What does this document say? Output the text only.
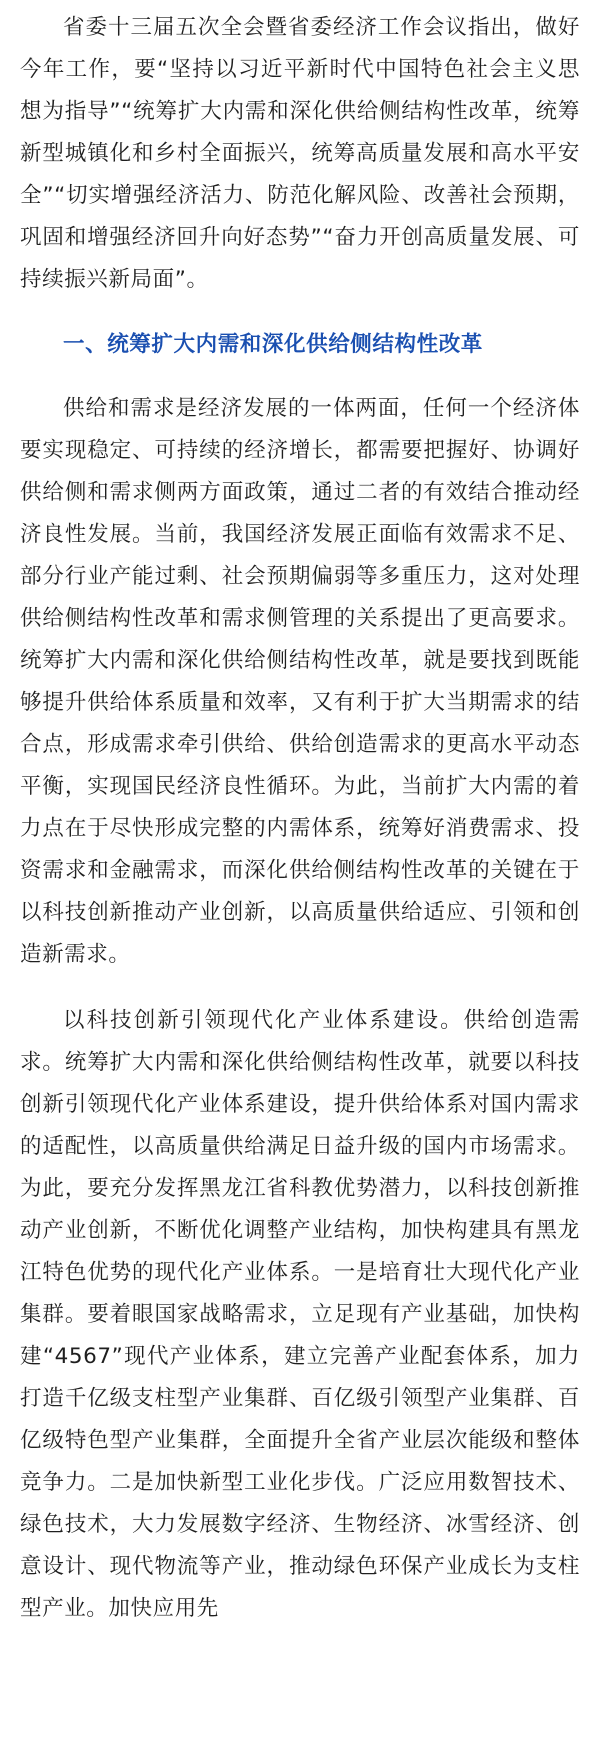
省委十三届五次全会暨省委经济工作会议指出，做好今年工作，要“坚持以习近平新时代中国特色社会主义思想为指导”“统筹扩大内需和深化供给侧结构性改革，统筹新型城镇化和乡村全面振兴，统筹高质量发展和高水平安全”“切实增强经济活力、防范化解风险、改善社会预期，巩固和增强经济回升向好态势”“奋力开创高质量发展、可持续振兴新局面”。

一、统筹扩大内需和深化供给侧结构性改革

供给和需求是经济发展的一体两面，任何一个经济体要实现稳定、可持续的经济增长，都需要把握好、协调好供给侧和需求侧两方面政策，通过二者的有效结合推动经济良性发展。当前，我国经济发展正面临有效需求不足、部分行业产能过剩、社会预期偏弱等多重压力，这对处理供给侧结构性改革和需求侧管理的关系提出了更高要求。统筹扩大内需和深化供给侧结构性改革，就是要找到既能够提升供给体系质量和效率，又有利于扩大当期需求的结合点，形成需求牵引供给、供给创造需求的更高水平动态平衡，实现国民经济良性循环。为此，当前扩大内需的着力点在于尽快形成完整的内需体系，统筹好消费需求、投资需求和金融需求，而深化供给侧结构性改革的关键在于以科技创新推动产业创新，以高质量供给适应、引领和创造新需求。

以科技创新引领现代化产业体系建设。供给创造需求。统筹扩大内需和深化供给侧结构性改革，就要以科技创新引领现代化产业体系建设，提升供给体系对国内需求的适配性，以高质量供给满足日益升级的国内市场需求。为此，要充分发挥黑龙江省科教优势潜力，以科技创新推动产业创新，不断优化调整产业结构，加快构建具有黑龙江特色优势的现代化产业体系。一是培育壮大现代化产业集群。要着眼国家战略需求，立足现有产业基础，加快构建“4567”现代产业体系，建立完善产业配套体系，加力打造千亿级支柱型产业集群、百亿级引领型产业集群、百亿级特色型产业集群，全面提升全省产业层次能级和整体竞争力。二是加快新型工业化步伐。广泛应用数智技术、绿色技术，大力发展数字经济、生物经济、冰雪经济、创意设计、现代物流等产业，推动绿色环保产业成长为支柱型产业。加快应用先
